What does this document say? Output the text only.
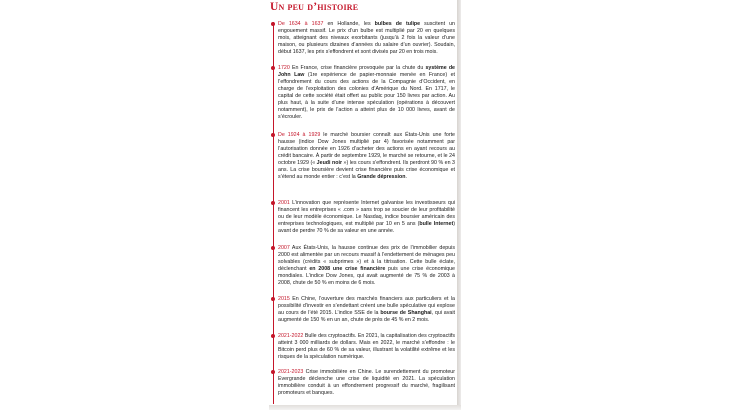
Un peu d’histoire
De 1634 à 1637 en Hollande, les bulbes de tulipe suscitent un engouement massif. Le prix d’un bulbe est multiplié par 20 en quelques mois, atteignant des niveaux exorbitants (jusqu’à 2 fois la valeur d’une maison, ou plusieurs dizaines d’années du salaire d’un ouvrier). Soudain, début 1637, les prix s’effondrent et sont divisés par 20 en trois mois.
1720 En France, crise financière provoquée par la chute du système de John Law (1re expérience de papier-monnaie menée en France) et l’effondrement du cours des actions de la Compagnie d’Occident, en charge de l’exploitation des colonies d’Amérique du Nord. En 1717, le capital de cette société était offert au public pour 150 livres par action. Au plus haut, à la suite d’une intense spéculation (opérations à découvert notamment), le prix de l’action a atteint plus de 10 000 livres, avant de s’écrouler.
De 1924 à 1929 le marché boursier connaît aux États-Unis une forte hausse (indice Dow Jones multiplié par 4) favorisée notamment par l’autorisation donnée en 1926 d’acheter des actions en ayant recours au crédit bancaire. À partir de septembre 1929, le marché se retourne, et le 24 octobre 1929 (« Jeudi noir ») les cours s’effondrent. Ils perdront 90 % en 3 ans. La crise boursière devient crise financière puis crise économique et s’étend au monde entier : c’est la Grande dépression.
2001 L’innovation que représente Internet galvanise les investisseurs qui financent les entreprises « .com » sans trop se soucier de leur profitabilité ou de leur modèle économique. Le Nasdaq, indice boursier américain des entreprises technologiques, est multiplié par 10 en 5 ans (bulle Internet) avant de perdre 70 % de sa valeur en une année.
2007 Aux États-Unis, la hausse continue des prix de l’immobilier depuis 2000 est alimentée par un recours massif à l’endettement de ménages peu solvables (crédits « subprimes ») et à la titrisation. Cette bulle éclate, déclenchant en 2008 une crise financière puis une crise économique mondiales. L’indice Dow Jones, qui avait augmenté de 75 % de 2003 à 2008, chute de 50 % en moins de 6 mois.
2015 En Chine, l’ouverture des marchés financiers aux particuliers et la possibilité d’investir en s’endettant créent une bulle spéculative qui explose au cours de l’été 2015. L’indice SSE de la bourse de Shanghai, qui avait augmenté de 150 % en un an, chute de près de 45 % en 2 mois.
2021-2022 Bulle des cryptoactifs. En 2021, la capitalisation des cryptoactifs atteint 3 000 milliards de dollars. Mais en 2022, le marché s’effondre : le Bitcoin perd plus de 60 % de sa valeur, illustrant la volatilité extrême et les risques de la spéculation numérique.
2021-2023 Crise immobilière en Chine. Le surendettement du promoteur Evergrande déclenche une crise de liquidité en 2021. La spéculation immobilière conduit à un effondrement progressif du marché, fragilisant promoteurs et banques.
